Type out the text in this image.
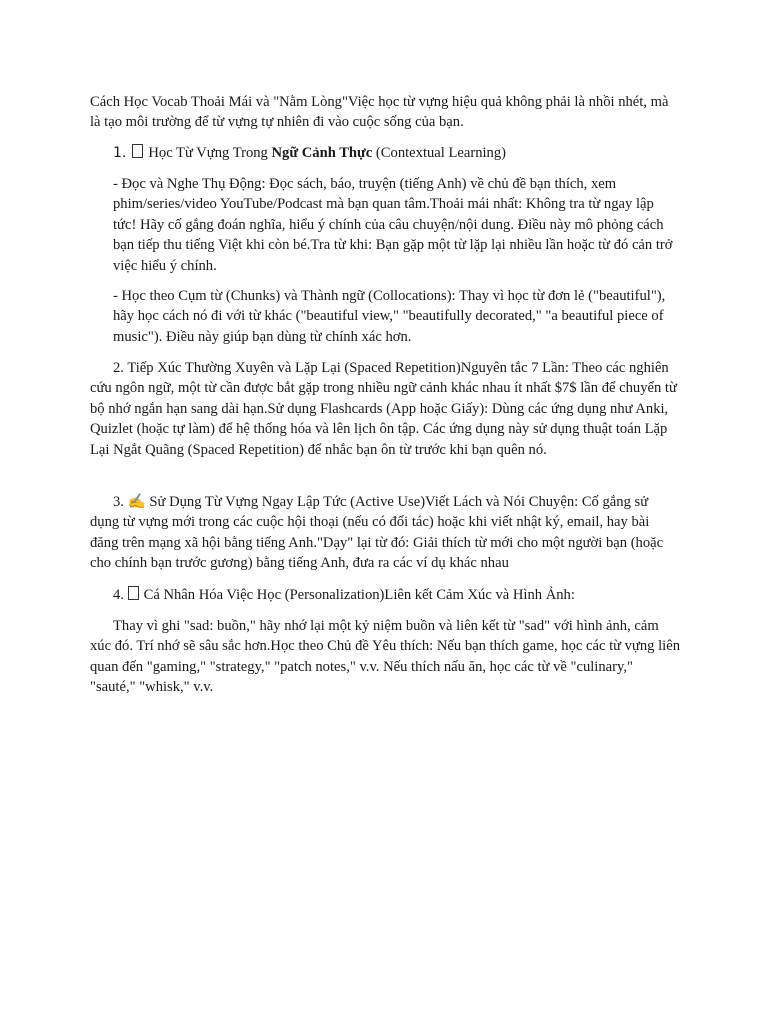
Cách Học Vocab Thoải Mái và "Nằm Lòng"Việc học từ vựng hiệu quả không phải là nhồi nhét, mà là tạo môi trường để từ vựng tự nhiên đi vào cuộc sống của bạn.

1. Học Từ Vựng Trong Ngữ Cảnh Thực (Contextual Learning)

- Đọc và Nghe Thụ Động: Đọc sách, báo, truyện (tiếng Anh) về chủ đề bạn thích, xem phim/series/video YouTube/Podcast mà bạn quan tâm.Thoải mái nhất: Không tra từ ngay lập tức! Hãy cố gắng đoán nghĩa, hiểu ý chính của câu chuyện/nội dung. Điều này mô phỏng cách bạn tiếp thu tiếng Việt khi còn bé.Tra từ khi: Bạn gặp một từ lặp lại nhiều lần hoặc từ đó cản trở việc hiểu ý chính.

- Học theo Cụm từ (Chunks) và Thành ngữ (Collocations): Thay vì học từ đơn lẻ ("beautiful"), hãy học cách nó đi với từ khác ("beautiful view," "beautifully decorated," "a beautiful piece of music"). Điều này giúp bạn dùng từ chính xác hơn.

2. Tiếp Xúc Thường Xuyên và Lặp Lại (Spaced Repetition)Nguyên tắc 7 Lần: Theo các nghiên cứu ngôn ngữ, một từ cần được bắt gặp trong nhiều ngữ cảnh khác nhau ít nhất $7$ lần để chuyển từ bộ nhớ ngắn hạn sang dài hạn.Sử dụng Flashcards (App hoặc Giấy): Dùng các ứng dụng như Anki, Quizlet (hoặc tự làm) để hệ thống hóa và lên lịch ôn tập. Các ứng dụng này sử dụng thuật toán Lặp Lại Ngắt Quãng (Spaced Repetition) để nhắc bạn ôn từ trước khi bạn quên nó.

3. ✍ Sử Dụng Từ Vựng Ngay Lập Tức (Active Use)Viết Lách và Nói Chuyện: Cố gắng sử dụng từ vựng mới trong các cuộc hội thoại (nếu có đối tác) hoặc khi viết nhật ký, email, hay bài đăng trên mạng xã hội bằng tiếng Anh."Dạy" lại từ đó: Giải thích từ mới cho một người bạn (hoặc cho chính bạn trước gương) bằng tiếng Anh, đưa ra các ví dụ khác nhau

4. Cá Nhân Hóa Việc Học (Personalization)Liên kết Cảm Xúc và Hình Ảnh:

Thay vì ghi "sad: buồn," hãy nhớ lại một kỷ niệm buồn và liên kết từ "sad" với hình ảnh, cảm xúc đó. Trí nhớ sẽ sâu sắc hơn.Học theo Chủ đề Yêu thích: Nếu bạn thích game, học các từ vựng liên quan đến "gaming," "strategy," "patch notes," v.v. Nếu thích nấu ăn, học các từ về "culinary," "sauté," "whisk," v.v.
